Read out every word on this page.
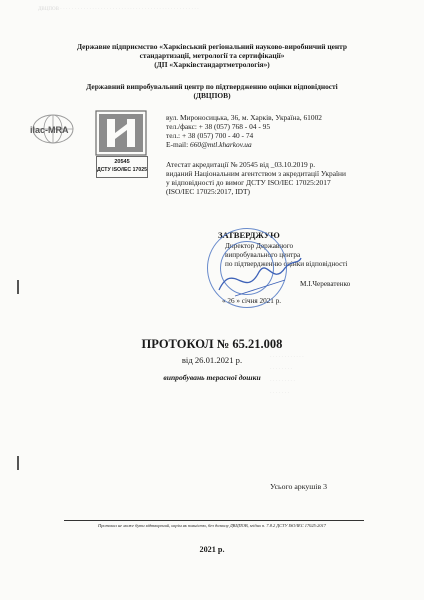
ДВЦПОВ · · · · · · · · · · · · · · · · · · · · · · · · · · · · · · · · · · · · · · · · · · · · · · · ·
· · · · · · · · · · · ·
· · · · · · · ·
· · · · · · · · ·
· · · · · · ·
Державне підприємство «Харківський регіональний науково-виробничий центр
стандартизації, метрології та сертифікації»
(ДП «Харківстандартметрологія»)
Державний випробувальний центр по підтвердженню оцінки відповідності
(ДВЦПОВ)
ilac-MRA
20545
ДСТУ ISO/IEC 17025
вул. Мироносицька, 36, м. Харків, Україна, 61002
тел./факс: + 38 (057) 768 - 04 - 95
тел.: + 38 (057) 700 - 40 - 74
E-mail: 660@mtl.kharkov.ua
Атестат акредитації № 20545 від _03.10.2019 р.
виданий Національним агентством з акредитації України
у відповідності до вимог ДСТУ ISO/IEC 17025:2017
(ISO/IEC 17025:2017, IDT)
ЗАТВЕРДЖУЮ
Директор Державного
випробувального центра
по підтвердженню оцінки відповідності
М.І.Череватенко
« 26 » січня 2021 р.
ПРОТОКОЛ № 65.21.008
від 26.01.2021 р.
випробувань терасної дошки
Усього аркушів 3
Протокол не може бути відтворений, окрім як повністю, без дозволу ДВЦПОВ, згідно п. 7.8.2 ДСТУ ISO/IEC 17025:2017
2021 р.
